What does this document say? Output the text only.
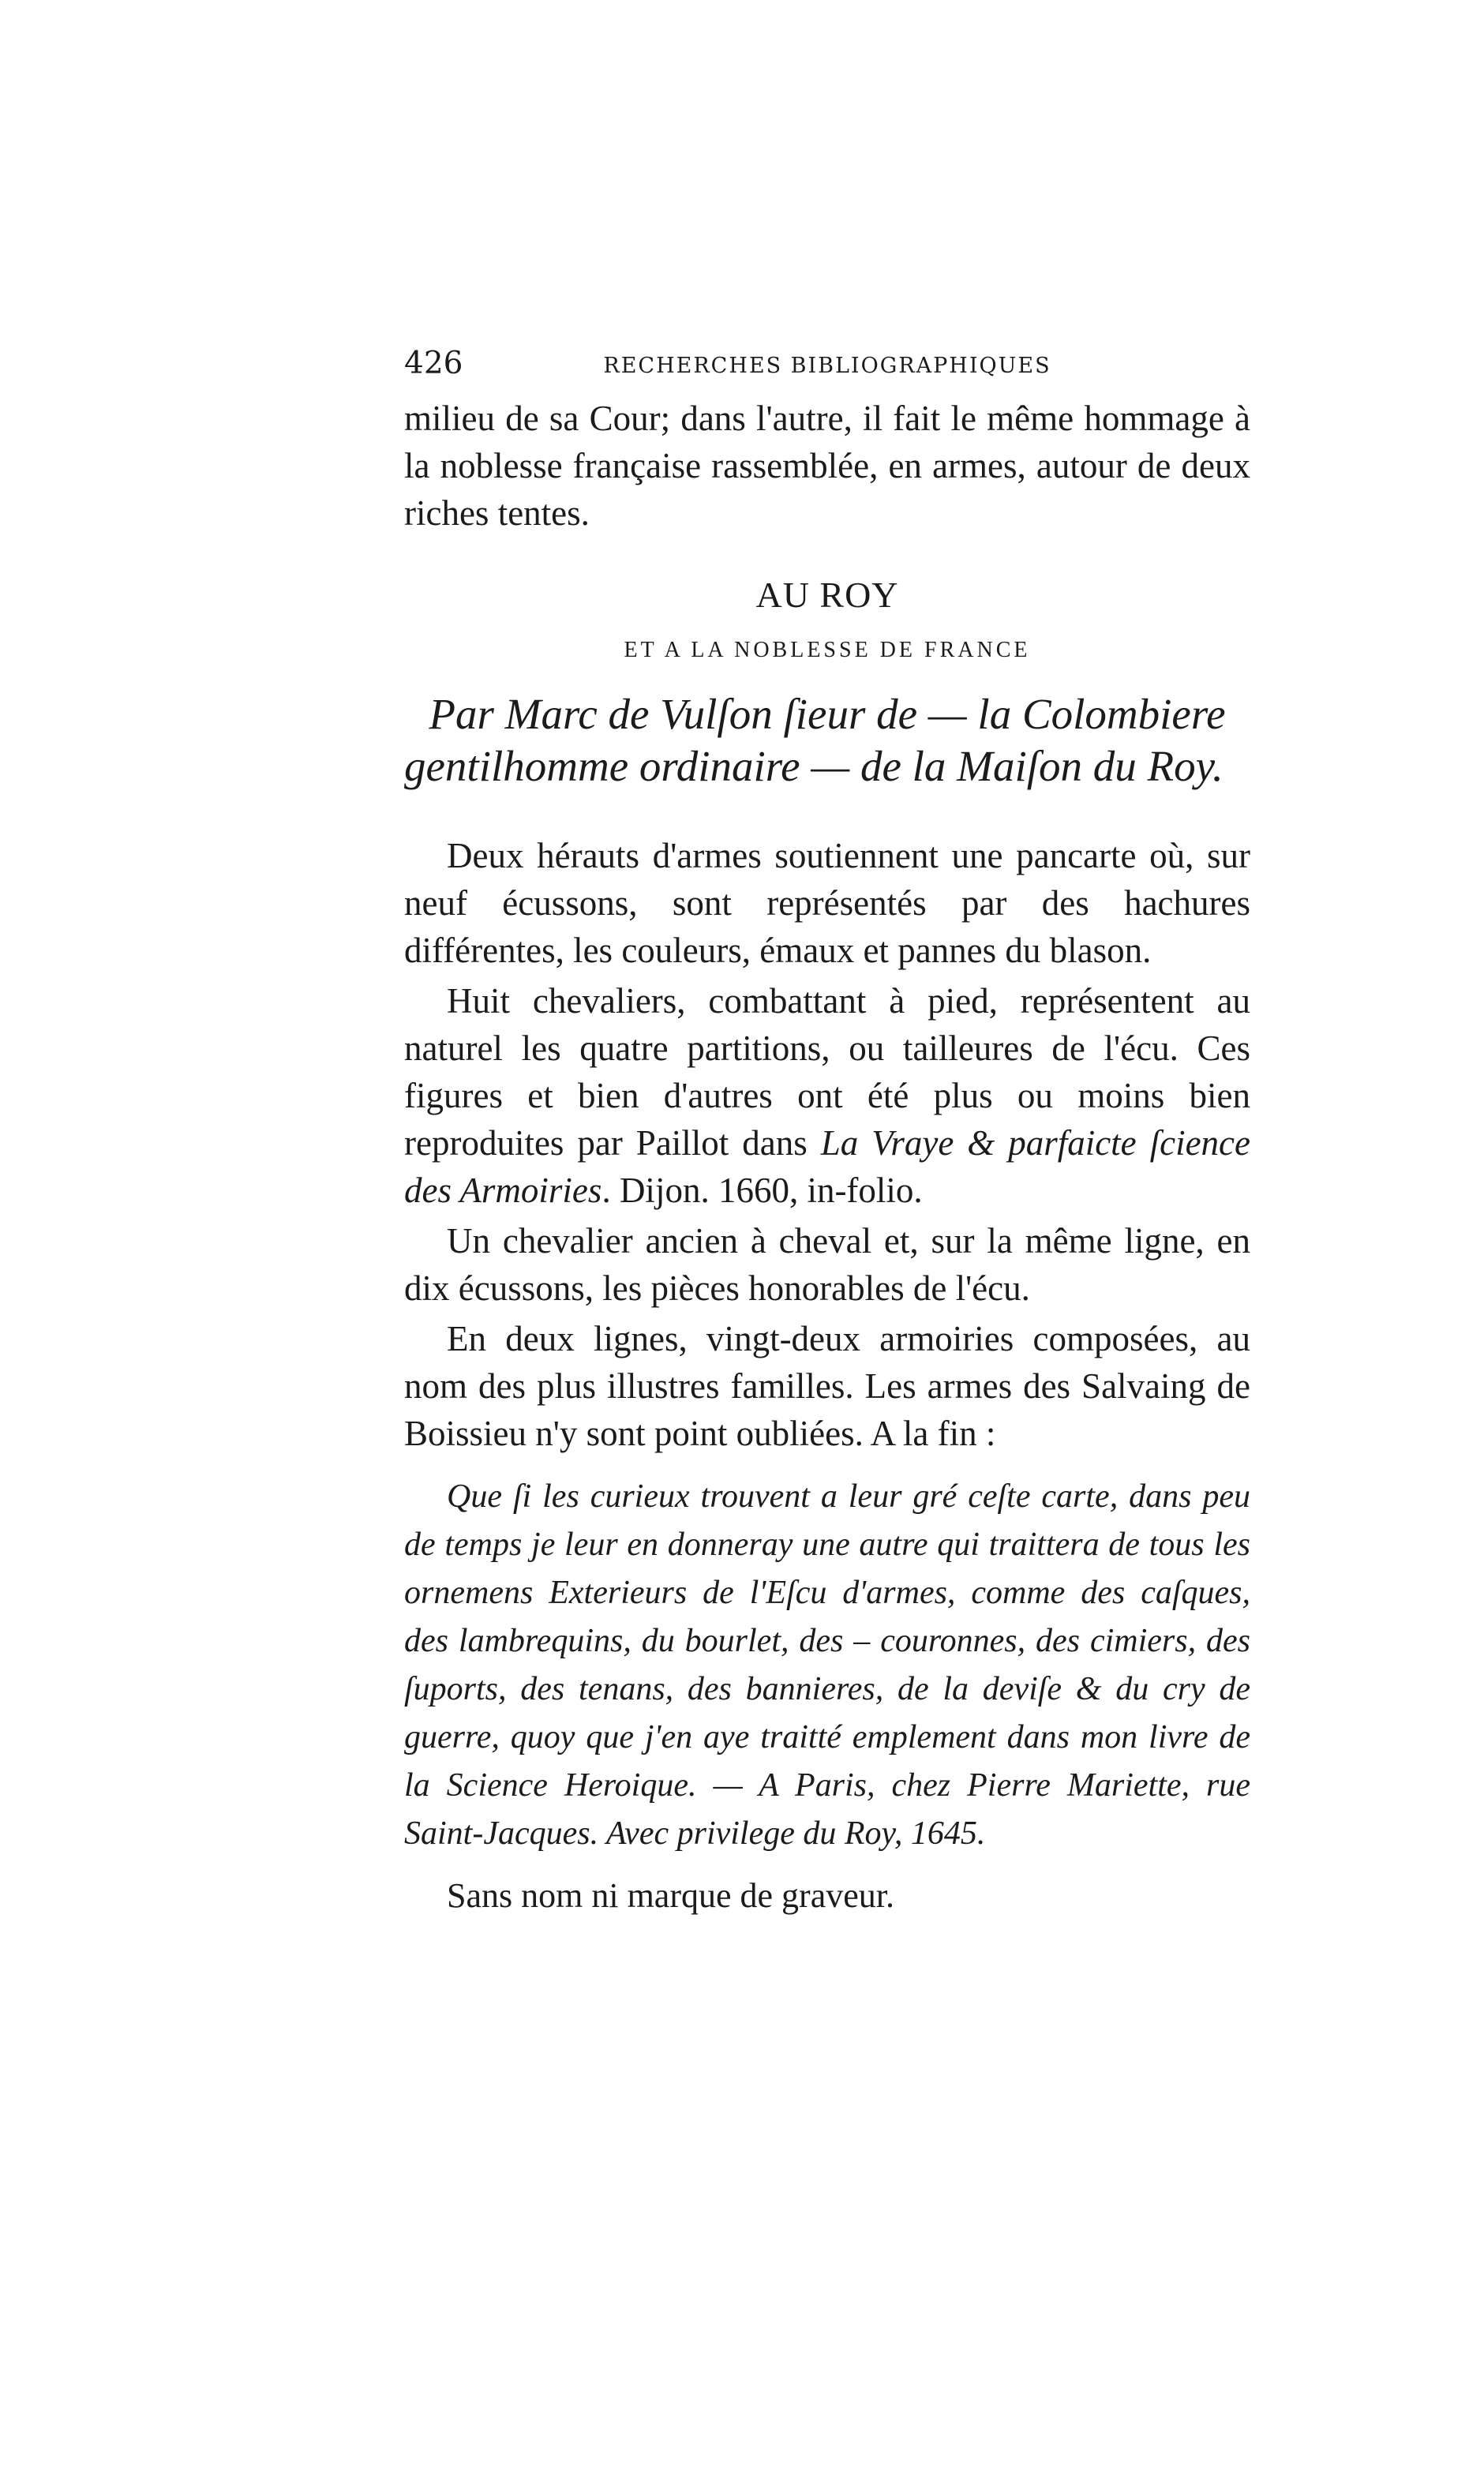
426	RECHERCHES BIBLIOGRAPHIQUES

milieu de sa Cour; dans l'autre, il fait le même hommage à la noblesse française rassemblée, en armes, autour de deux riches tentes.

AU ROY
ET A LA NOBLESSE DE FRANCE
Par Marc de Vulſon ſieur de — la Colombiere
gentilhomme ordinaire — de la Maiſon du Roy.

Deux hérauts d'armes soutiennent une pancarte où, sur neuf écussons, sont représentés par des hachures différentes, les couleurs, émaux et pannes du blason.

Huit chevaliers, combattant à pied, représentent au naturel les quatre partitions, ou tailleures de l'écu. Ces figures et bien d'autres ont été plus ou moins bien reproduites par Paillot dans La Vraye & parfaicte ſcience des Armoiries. Dijon. 1660, in-folio.

Un chevalier ancien à cheval et, sur la même ligne, en dix écussons, les pièces honorables de l'écu.

En deux lignes, vingt-deux armoiries composées, au nom des plus illustres familles. Les armes des Salvaing de Boissieu n'y sont point oubliées. A la fin :

Que ſi les curieux trouvent a leur gré ceſte carte, dans peu de temps je leur en donneray une autre qui traittera de tous les ornemens Exterieurs de l'Eſcu d'armes, comme des caſques, des lambrequins, du bourlet, des – couronnes, des cimiers, des ſuports, des tenans, des bannieres, de la deviſe & du cry de guerre, quoy que j'en aye traitté emplement dans mon livre de la Science Heroique. — A Paris, chez Pierre Mariette, rue Saint-Jacques. Avec privilege du Roy, 1645.

Sans nom ni marque de graveur.
